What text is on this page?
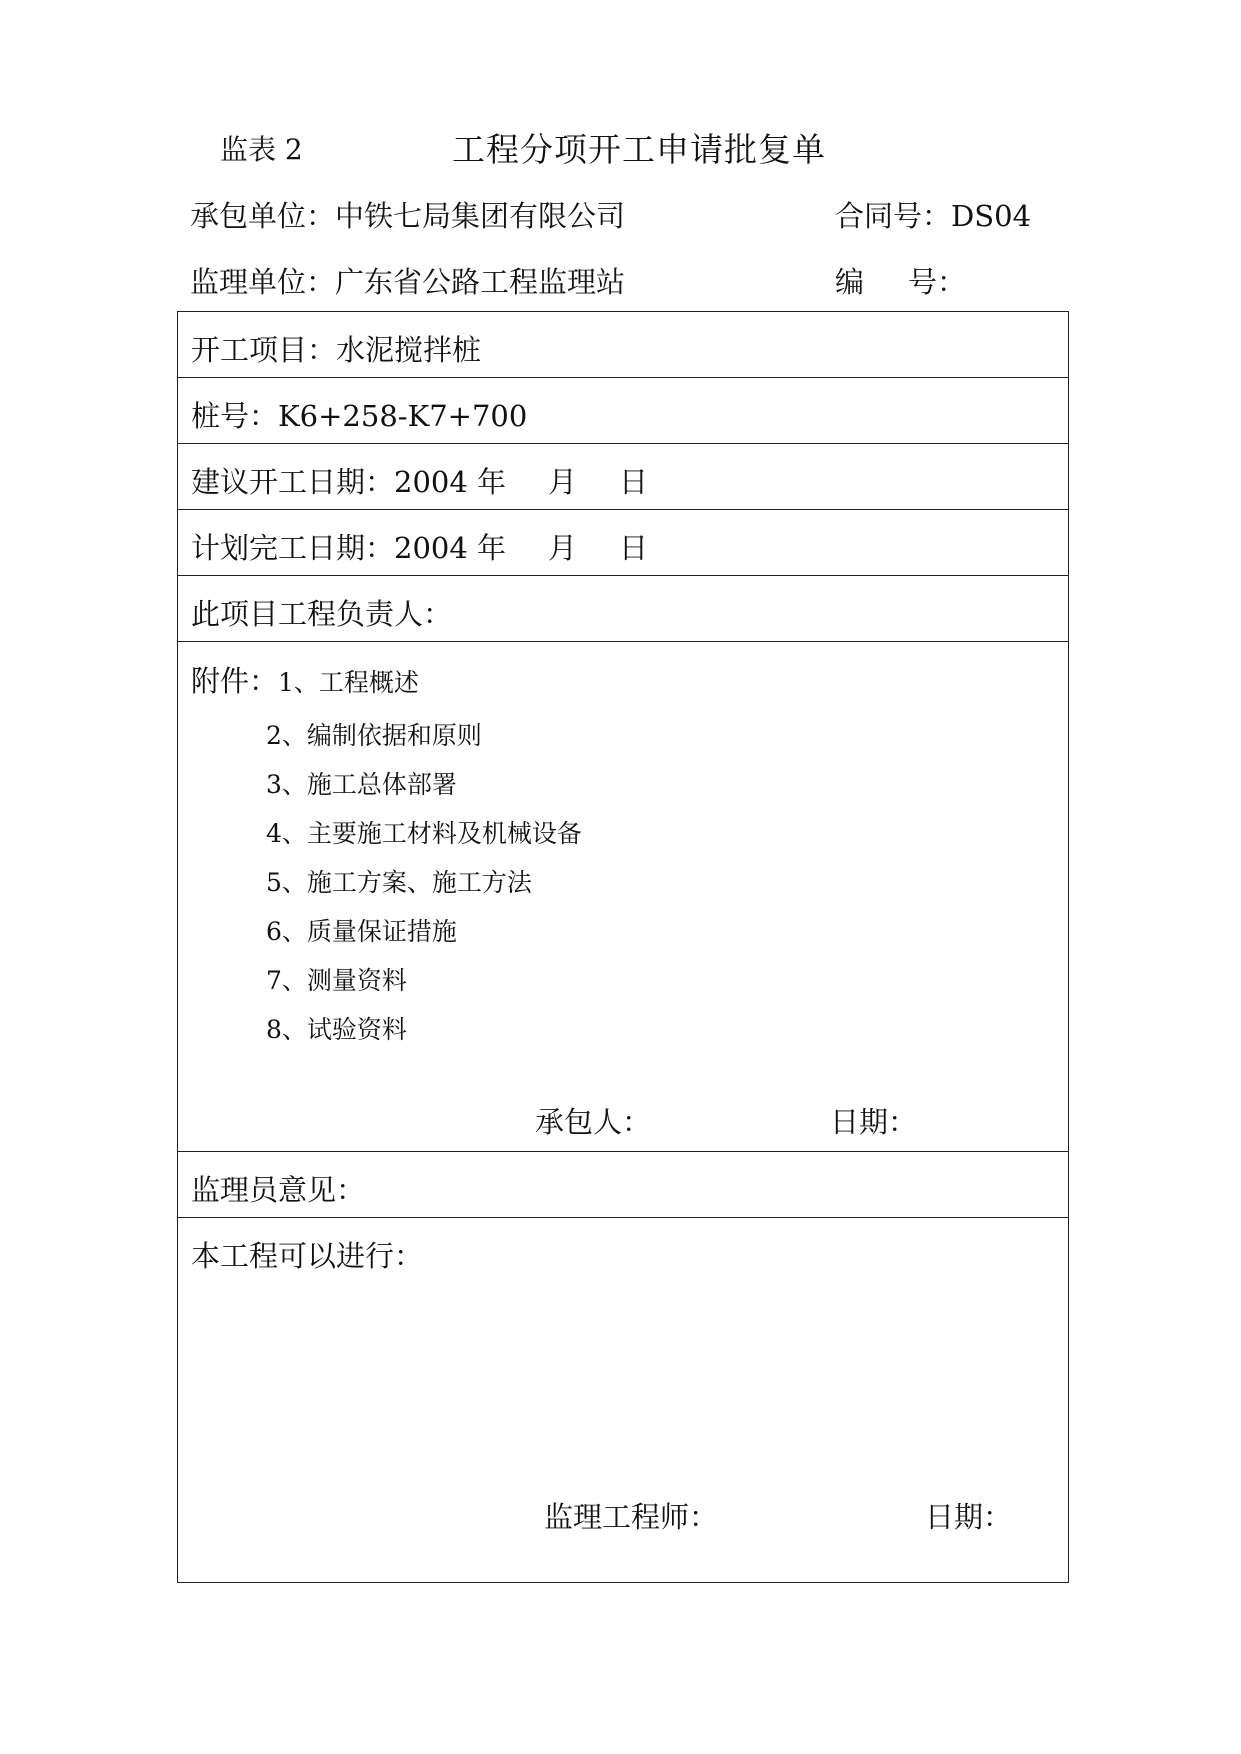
监表 2	工程分项开工申请批复单
承包单位：中铁七局集团有限公司	合同号：DS04
监理单位：广东省公路工程监理站	编 号：
开工项目：水泥搅拌桩
桩号：K6+258-K7+700
建议开工日期：2004 年 月 日
计划完工日期：2004 年 月 日
此项目工程负责人：
附件：1、工程概述
2、编制依据和原则
3、施工总体部署
4、主要施工材料及机械设备
5、施工方案、施工方法
6、质量保证措施
7、测量资料
8、试验资料
承包人：	日期：
监理员意见：
本工程可以进行：
监理工程师：	日期：
